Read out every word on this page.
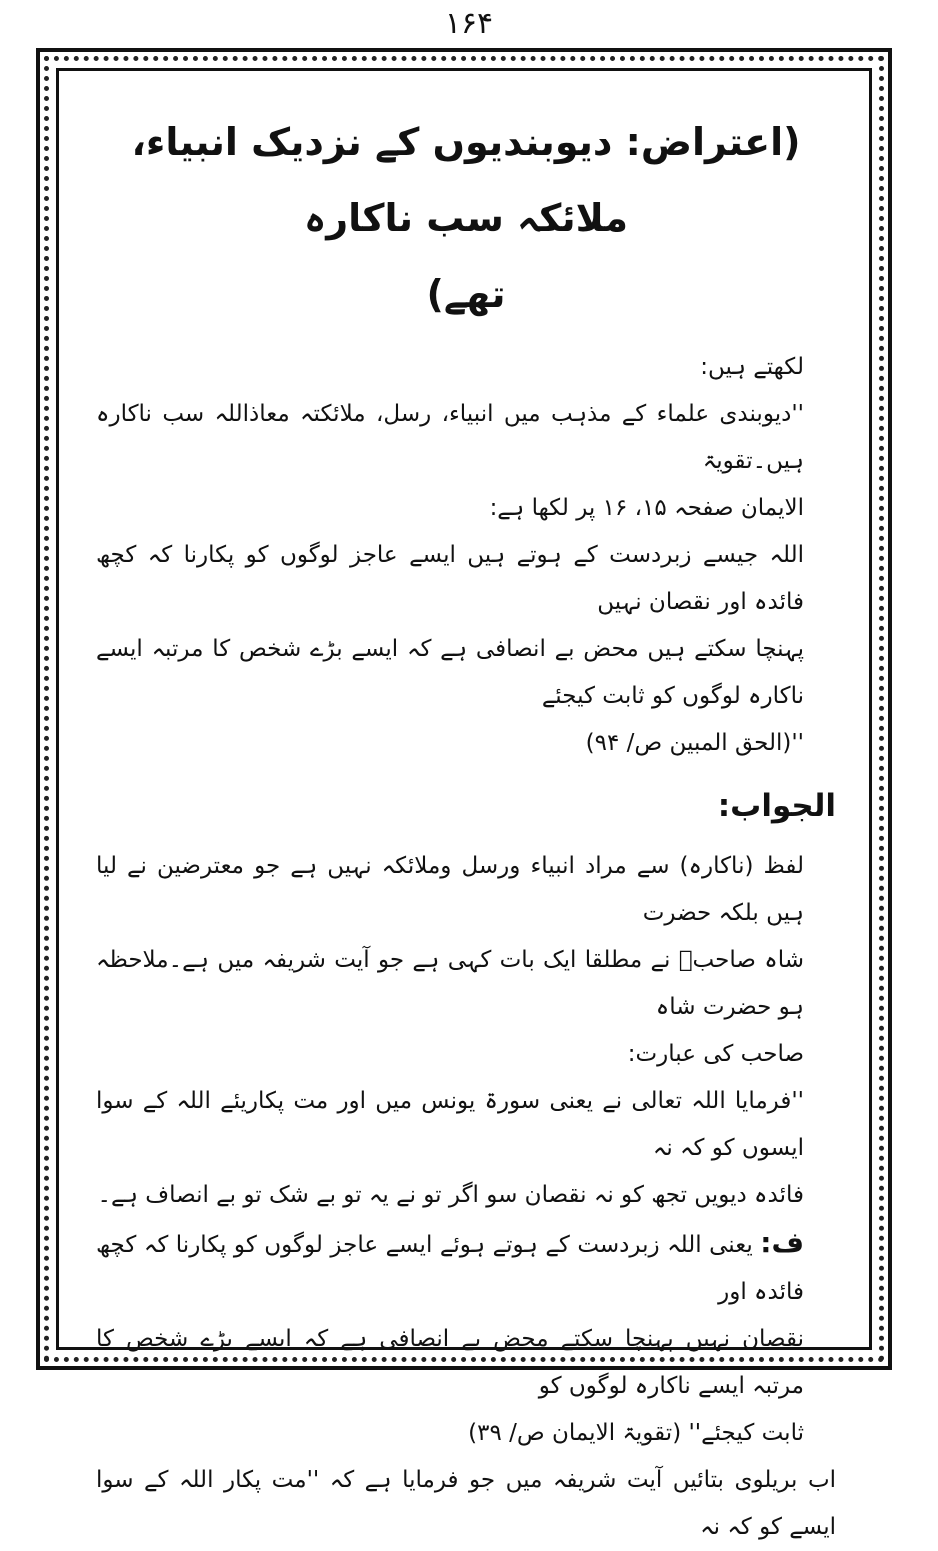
۱۶۴
(اعتراض: دیوبندیوں کے نزدیک انبیاء، ملائکہ سب ناکارہ
تھے)

لکھتے ہیں:

''دیوبندی علماء کے مذہب میں انبیاء، رسل، ملائکتہ معاذاللہ سب ناکارہ ہیں۔تقویۃ

الایمان صفحہ ۱۵، ۱۶ پر لکھا ہے:

اللہ جیسے زبردست کے ہوتے ہیں ایسے عاجز لوگوں کو پکارنا کہ کچھ فائدہ اور نقصان نہیں

پہنچا سکتے ہیں محض بے انصافی ہے کہ ایسے بڑے شخص کا مرتبہ ایسے ناکارہ لوگوں کو ثابت کیجئے

''(الحق المبین ص/ ۹۴)

الجواب:

لفظ (ناکارہ) سے مراد انبیاء ورسل وملائکہ نہیں ہے جو معترضین نے لیا ہیں بلکہ حضرت

شاہ صاحبؒ نے مطلقا ایک بات کہی ہے جو آیت شریفہ میں ہے۔ملاحظہ ہو حضرت شاہ

صاحب کی عبارت:

''فرمایا اللہ تعالی نے یعنی سورۃ یونس میں اور مت پکاریئے اللہ کے سوا ایسوں کو کہ نہ

فائدہ دیویں تجھ کو نہ نقصان سو اگر تو نے یہ تو بے شک تو بے انصاف ہے۔

ف: یعنی اللہ زبردست کے ہوتے ہوئے ایسے عاجز لوگوں کو پکارنا کہ کچھ فائدہ اور

نقصان نہیں پہنچا سکتے محض بے انصافی ہے کہ ایسے بڑے شخص کا مرتبہ ایسے ناکارہ لوگوں کو

ثابت کیجئے'' (تقویۃ الایمان ص/ ۳۹)

اب بریلوی بتائیں آیت شریفہ میں جو فرمایا ہے کہ ''مت پکار اللہ کے سوا ایسے کو کہ نہ
